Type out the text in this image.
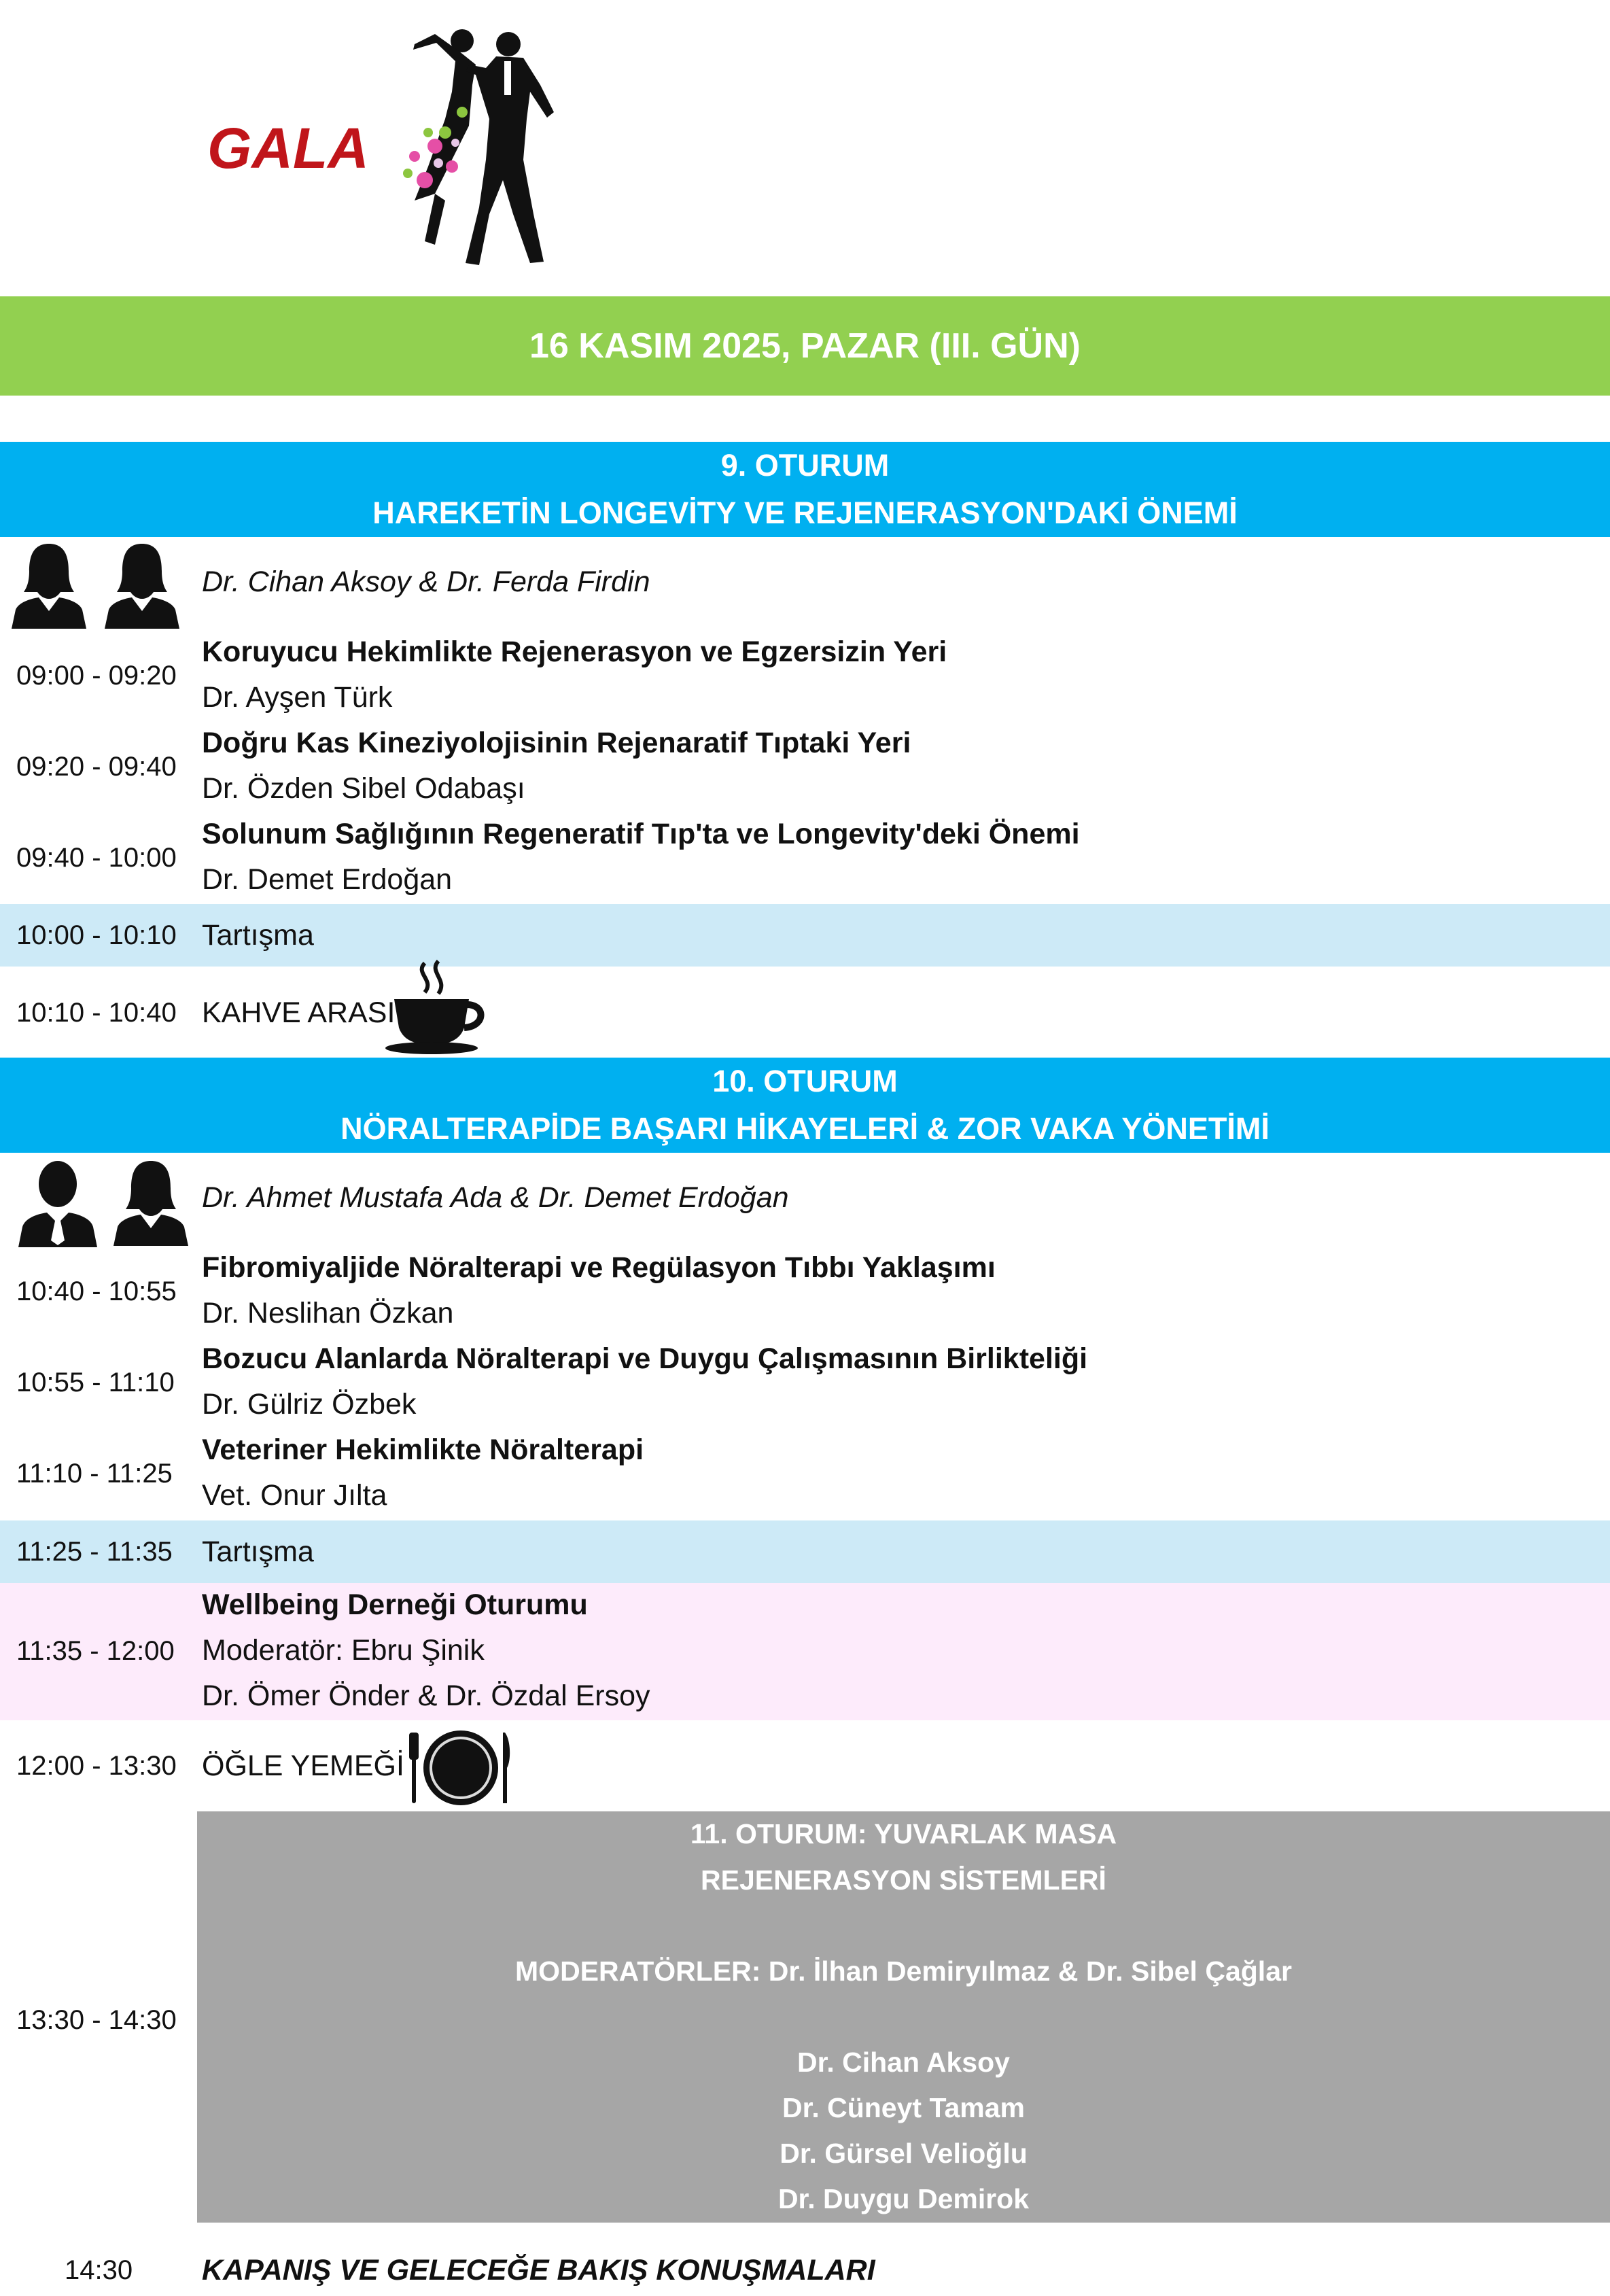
GALA
16 KASIM 2025, PAZAR (III. GÜN)
9. OTURUM
HAREKETİN LONGEVİTY VE REJENERASYON'DAKİ ÖNEMİ
Dr. Cihan Aksoy & Dr. Ferda Firdin
09:00 - 09:20
Koruyucu Hekimlikte Rejenerasyon ve Egzersizin Yeri
Dr. Ayşen Türk
09:20 - 09:40
Doğru Kas Kineziyolojisinin Rejenaratif Tıptaki Yeri
Dr. Özden Sibel Odabaşı
09:40 - 10:00
Solunum Sağlığının Regeneratif Tıp'ta ve Longevity'deki Önemi
Dr. Demet Erdoğan
10:00 - 10:10 Tartışma
10:10 - 10:40 KAHVE ARASI
10. OTURUM
NÖRALTERAPİDE BAŞARI HİKAYELERİ & ZOR VAKA YÖNETİMİ
Dr. Ahmet Mustafa Ada & Dr. Demet Erdoğan
10:40 - 10:55
Fibromiyaljide Nöralterapi ve Regülasyon Tıbbı Yaklaşımı
Dr. Neslihan Özkan
10:55 - 11:10
Bozucu Alanlarda Nöralterapi ve Duygu Çalışmasının Birlikteliği
Dr. Gülriz Özbek
11:10 - 11:25
Veteriner Hekimlikte Nöralterapi
Vet. Onur Jılta
11:25 - 11:35 Tartışma
11:35 - 12:00
Wellbeing Derneği Oturumu
Moderatör: Ebru Şinik
Dr. Ömer Önder & Dr. Özdal Ersoy
12:00 - 13:30 ÖĞLE YEMEĞİ
13:30 - 14:30
11. OTURUM: YUVARLAK MASA
REJENERASYON SİSTEMLERİ
MODERATÖRLER: Dr. İlhan Demiryılmaz & Dr. Sibel Çağlar
Dr. Cihan Aksoy
Dr. Cüneyt Tamam
Dr. Gürsel Velioğlu
Dr. Duygu Demirok
14:30 KAPANIŞ VE GELECEĞE BAKIŞ KONUŞMALARI
